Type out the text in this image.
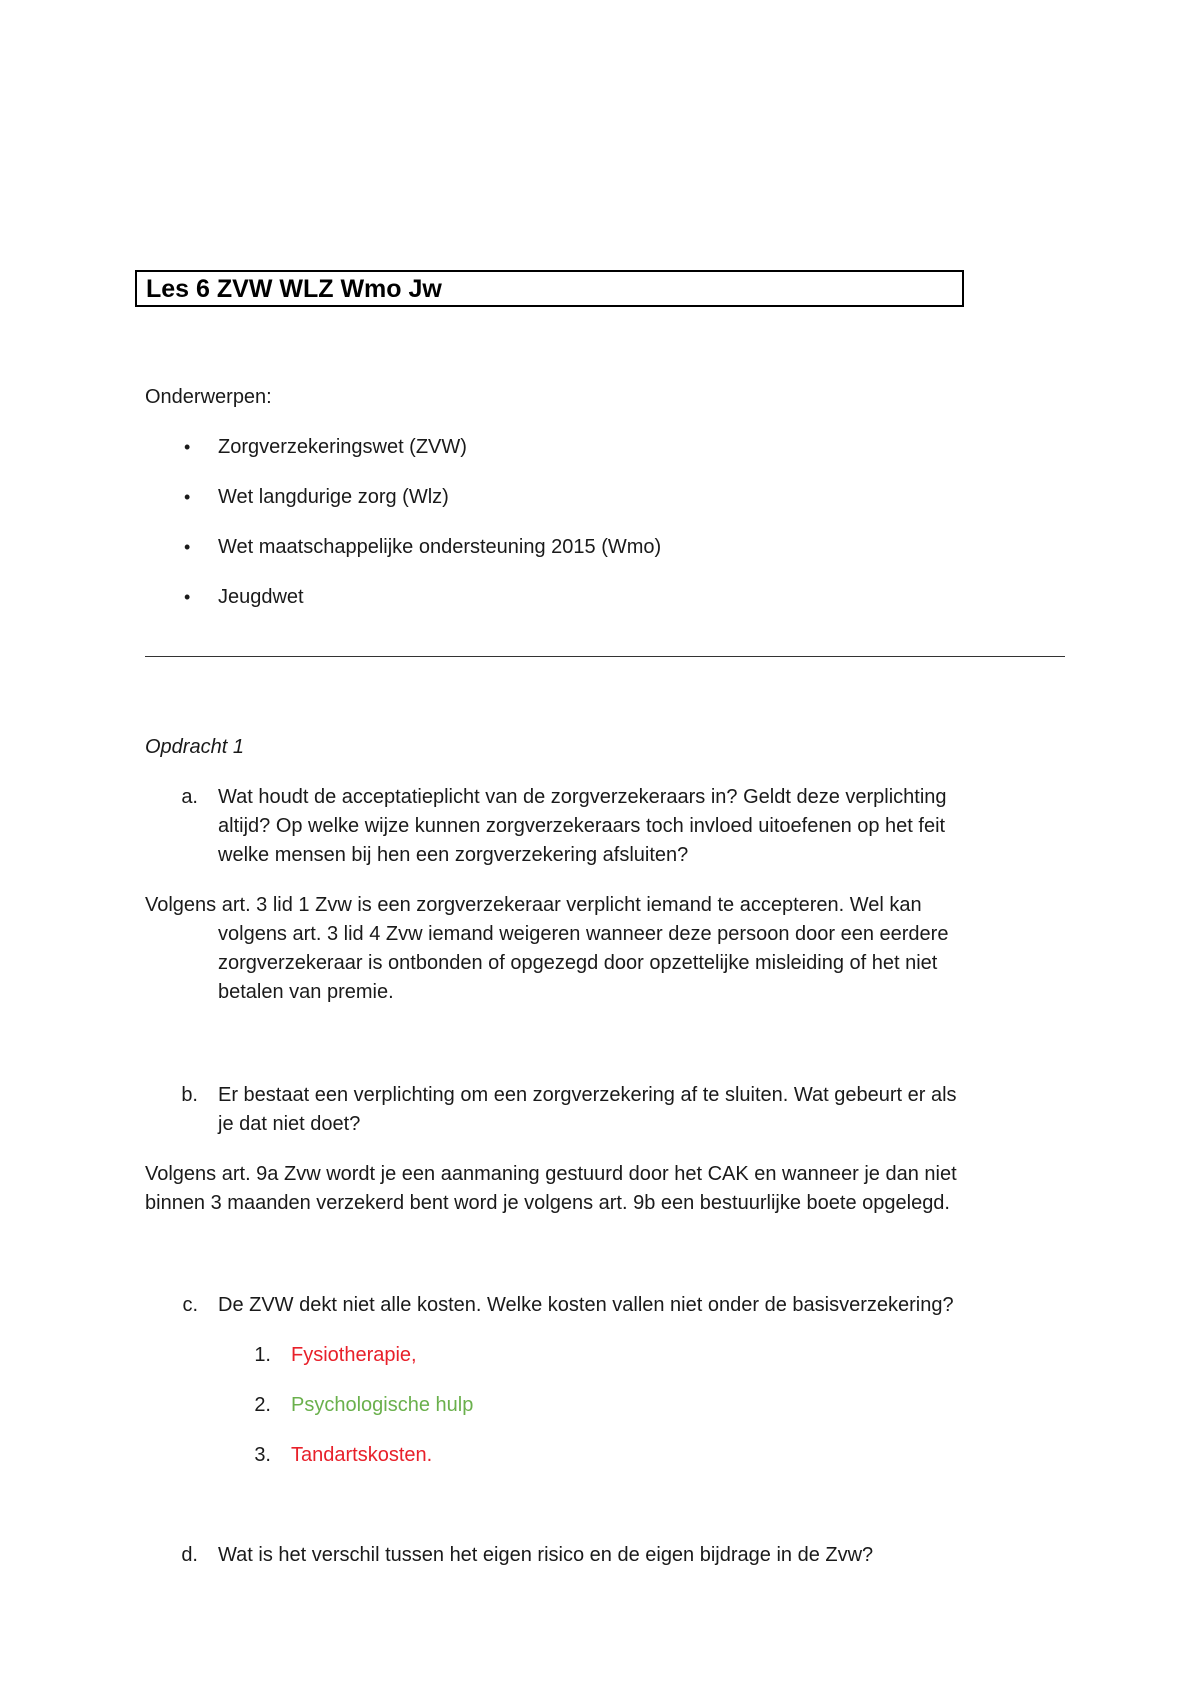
Les 6 ZVW WLZ Wmo Jw
Onderwerpen:
• Zorgverzekeringswet (ZVW)
• Wet langdurige zorg (Wlz)
• Wet maatschappelijke ondersteuning 2015 (Wmo)
• Jeugdwet
Opdracht 1
a. Wat houdt de acceptatieplicht van de zorgverzekeraars in? Geldt deze verplichting
altijd? Op welke wijze kunnen zorgverzekeraars toch invloed uitoefenen op het feit
welke mensen bij hen een zorgverzekering afsluiten?
Volgens art. 3 lid 1 Zvw is een zorgverzekeraar verplicht iemand te accepteren. Wel kan
volgens art. 3 lid 4 Zvw iemand weigeren wanneer deze persoon door een eerdere
zorgverzekeraar is ontbonden of opgezegd door opzettelijke misleiding of het niet
betalen van premie.
b. Er bestaat een verplichting om een zorgverzekering af te sluiten. Wat gebeurt er als
je dat niet doet?
Volgens art. 9a Zvw wordt je een aanmaning gestuurd door het CAK en wanneer je dan niet
binnen 3 maanden verzekerd bent word je volgens art. 9b een bestuurlijke boete opgelegd.
c. De ZVW dekt niet alle kosten. Welke kosten vallen niet onder de basisverzekering?
1. Fysiotherapie,
2. Psychologische hulp
3. Tandartskosten.
d. Wat is het verschil tussen het eigen risico en de eigen bijdrage in de Zvw?
